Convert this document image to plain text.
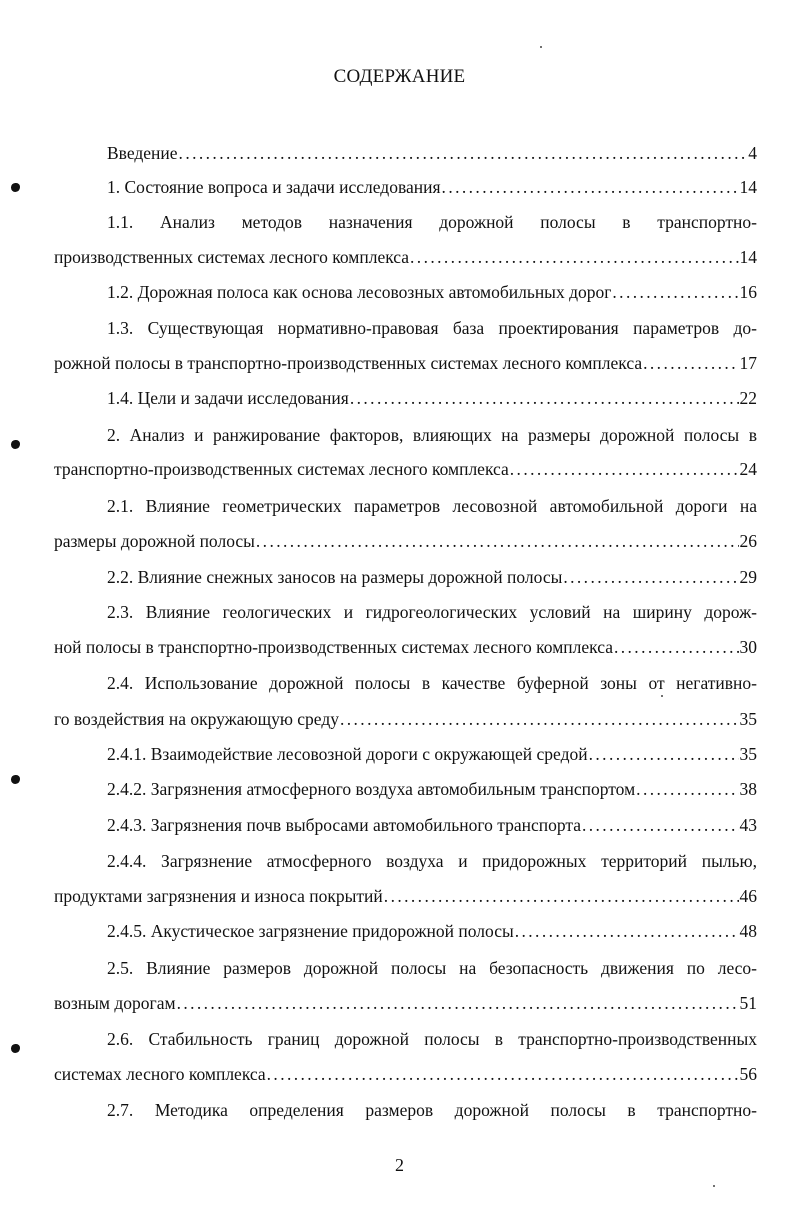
СОДЕРЖАНИЕ
Введение .....	4
1. Состояние вопроса и задачи исследования .....	14
1.1. Анализ методов назначения дорожной полосы в транспортно-
производственных системах лесного комплекса .....	14
1.2. Дорожная полоса как основа лесовозных автомобильных дорог .....	16
1.3. Существующая нормативно-правовая база проектирования параметров до-
рожной полосы в транспортно-производственных системах лесного комплекса .....	17
1.4. Цели и задачи исследования .....	22
2. Анализ и ранжирование факторов, влияющих на размеры дорожной полосы в
транспортно-производственных системах лесного комплекса .....	24
2.1. Влияние геометрических параметров лесовозной автомобильной дороги на
размеры дорожной полосы .....	26
2.2. Влияние снежных заносов на размеры дорожной полосы .....	29
2.3. Влияние геологических и гидрогеологических условий на ширину дорож-
ной полосы в транспортно-производственных системах лесного комплекса .....	30
2.4. Использование дорожной полосы в качестве буферной зоны от негативно-
го воздействия на окружающую среду .....	35
2.4.1. Взаимодействие лесовозной дороги с окружающей средой .....	35
2.4.2. Загрязнения атмосферного воздуха автомобильным транспортом .....	38
2.4.3. Загрязнения почв выбросами автомобильного транспорта .....	43
2.4.4. Загрязнение атмосферного воздуха и придорожных территорий пылью,
продуктами загрязнения и износа покрытий .....	46
2.4.5. Акустическое загрязнение придорожной полосы .....	48
2.5. Влияние размеров дорожной полосы на безопасность движения по лесо-
возным дорогам .....	51
2.6. Стабильность границ дорожной полосы в транспортно-производственных
системах лесного комплекса .....	56
2.7. Методика определения размеров дорожной полосы в транспортно-
2
